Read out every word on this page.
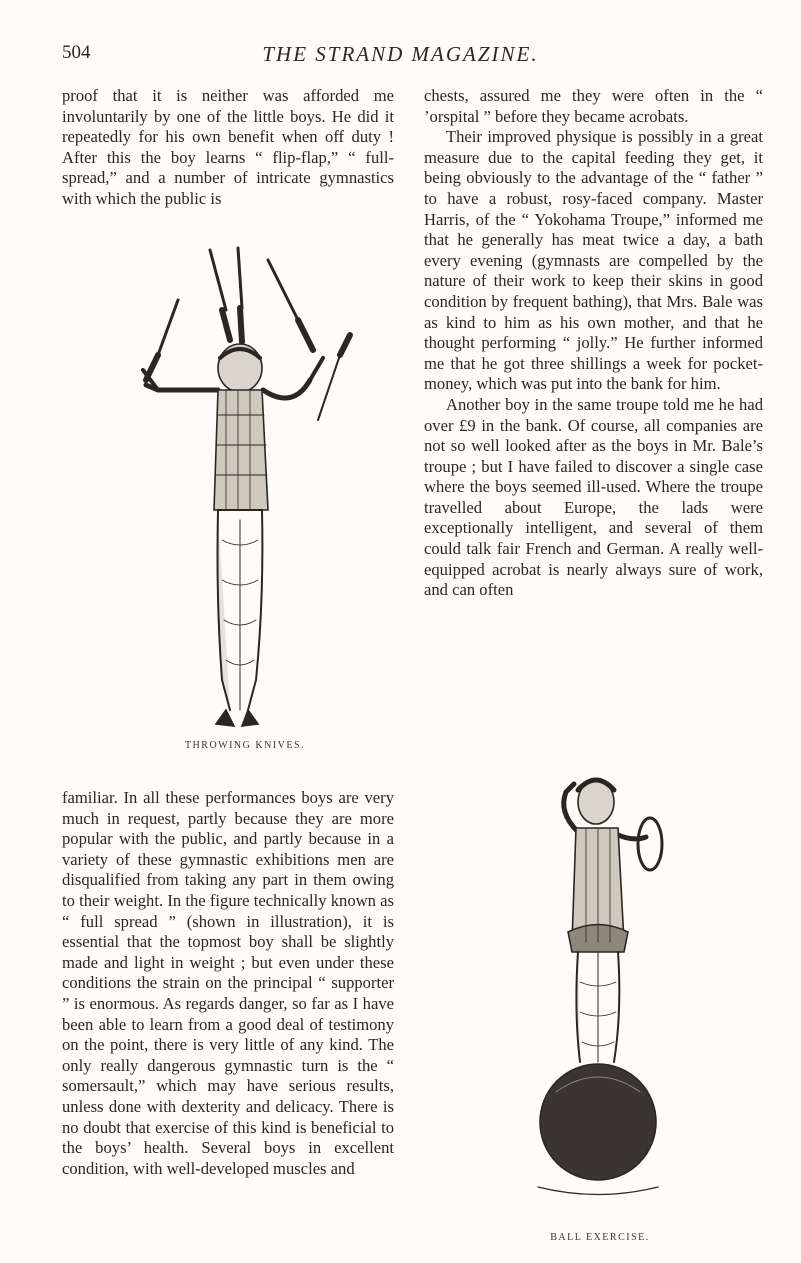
THE STRAND MAGAZINE.
504

proof that it is neither was afforded me involuntarily by one of the little boys. He did it repeatedly for his own benefit when off duty ! After this the boy learns “ flip-flap,” “ full-spread,” and a number of intricate gymnastics with which the public is

THROWING KNIVES.

familiar. In all these performances boys are very much in request, partly because they are more popular with the public, and partly because in a variety of these gymnastic exhibitions men are disqualified from taking any part in them owing to their weight. In the figure technically known as “ full spread ” (shown in illustration), it is essential that the topmost boy shall be slightly made and light in weight ; but even under these conditions the strain on the principal “ supporter ” is enormous. As regards danger, so far as I have been able to learn from a good deal of testimony on the point, there is very little of any kind. The only really dangerous gymnastic turn is the “ somersault,” which may have serious results, unless done with dexterity and delicacy. There is no doubt that exercise of this kind is beneficial to the boys’ health. Several boys in excellent condition, with well-developed muscles and

chests, assured me they were often in the “ ’orspital ” before they became acrobats.

Their improved physique is possibly in a great measure due to the capital feeding they get, it being obviously to the advantage of the “ father ” to have a robust, rosy-faced company. Master Harris, of the “ Yokohama Troupe,” informed me that he generally has meat twice a day, a bath every evening (gymnasts are compelled by the nature of their work to keep their skins in good condition by frequent bathing), that Mrs. Bale was as kind to him as his own mother, and that he thought performing “ jolly.” He further informed me that he got three shillings a week for pocket-money, which was put into the bank for him.

Another boy in the same troupe told me he had over £9 in the bank. Of course, all companies are not so well looked after as the boys in Mr. Bale’s troupe ; but I have failed to discover a single case where the boys seemed ill-used. Where the troupe travelled about Europe, the lads were exceptionally intelligent, and several of them could talk fair French and German. A really well-equipped acrobat is nearly always sure of work, and can often

BALL EXERCISE.
